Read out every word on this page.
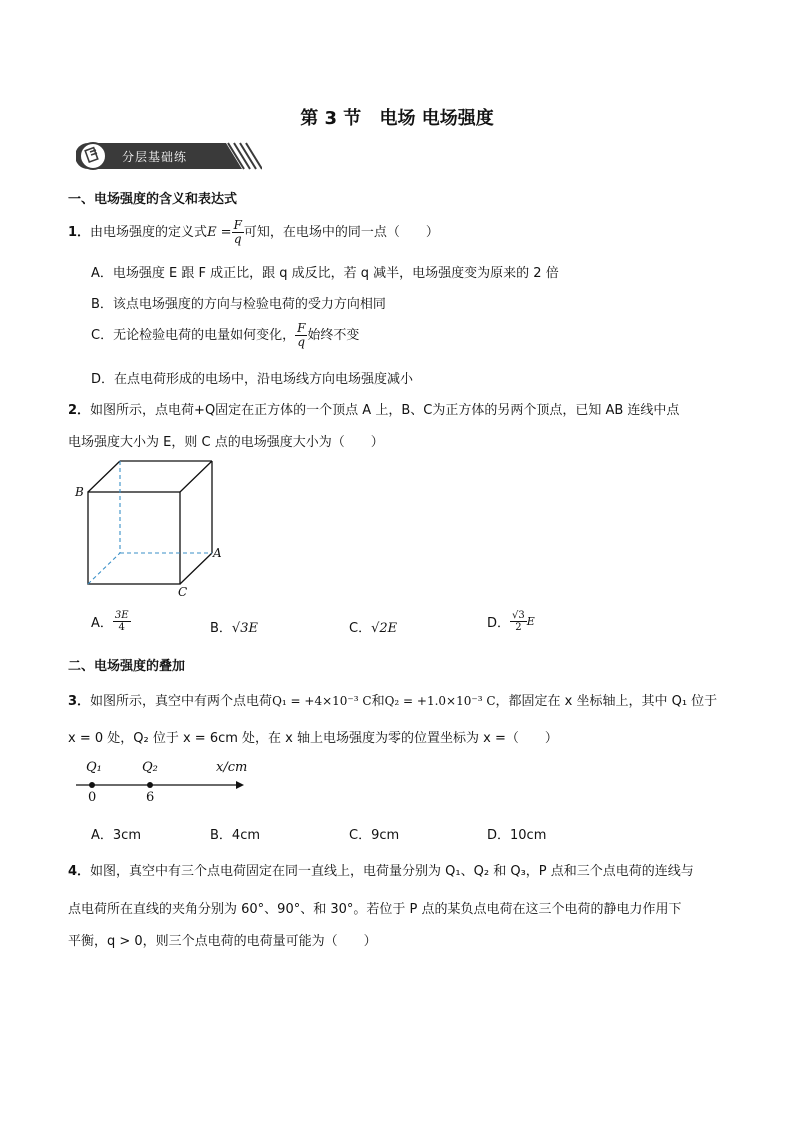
第 3 节 电场 电场强度
分层基础练
一、电场强度的含义和表达式
1．由电场强度的定义式$E = \frac{F}{q}$ 可知，在电场中的同一点（　　）
A．电场强度 E 跟 F 成正比，跟 q 成反比，若 q 减半，电场强度变为原来的 2 倍
B．该点电场强度的方向与检验电荷的受力方向相同
C．无论检验电荷的电量如何变化， $\frac{F}{q}$ 始终不变
D．在点电荷形成的电场中，沿电场线方向电场强度减小
2．如图所示，点电荷+Q固定在正方体的一个顶点 A 上，B、C为正方体的另两个顶点，已知 AB 连线中点
电场强度大小为 E，则 C 点的电场强度大小为（　　）
B
A
C
A． $\frac{3E}{4}$	B．√3E	C．√2E	D． $\frac{√3}{2}$ E
二、电场强度的叠加
3．如图所示，真空中有两个点电荷Q₁ = +4×10⁻³ C和Q₂ = +1.0×10⁻³ C，都固定在 x 坐标轴上，其中 Q₁ 位于
x = 0 处，Q₂ 位于 x = 6cm 处，在 x 轴上电场强度为零的位置坐标为 x =（　　）
Q₁	Q₂	x/cm
0	6
A．3cm	B．4cm	C．9cm	D．10cm
4．如图，真空中有三个点电荷固定在同一直线上，电荷量分别为 Q₁、Q₂ 和 Q₃，P 点和三个点电荷的连线与
点电荷所在直线的夹角分别为 60°、90°、和 30°。若位于 P 点的某负点电荷在这三个电荷的静电力作用下
平衡，q > 0，则三个点电荷的电荷量可能为（　　）
